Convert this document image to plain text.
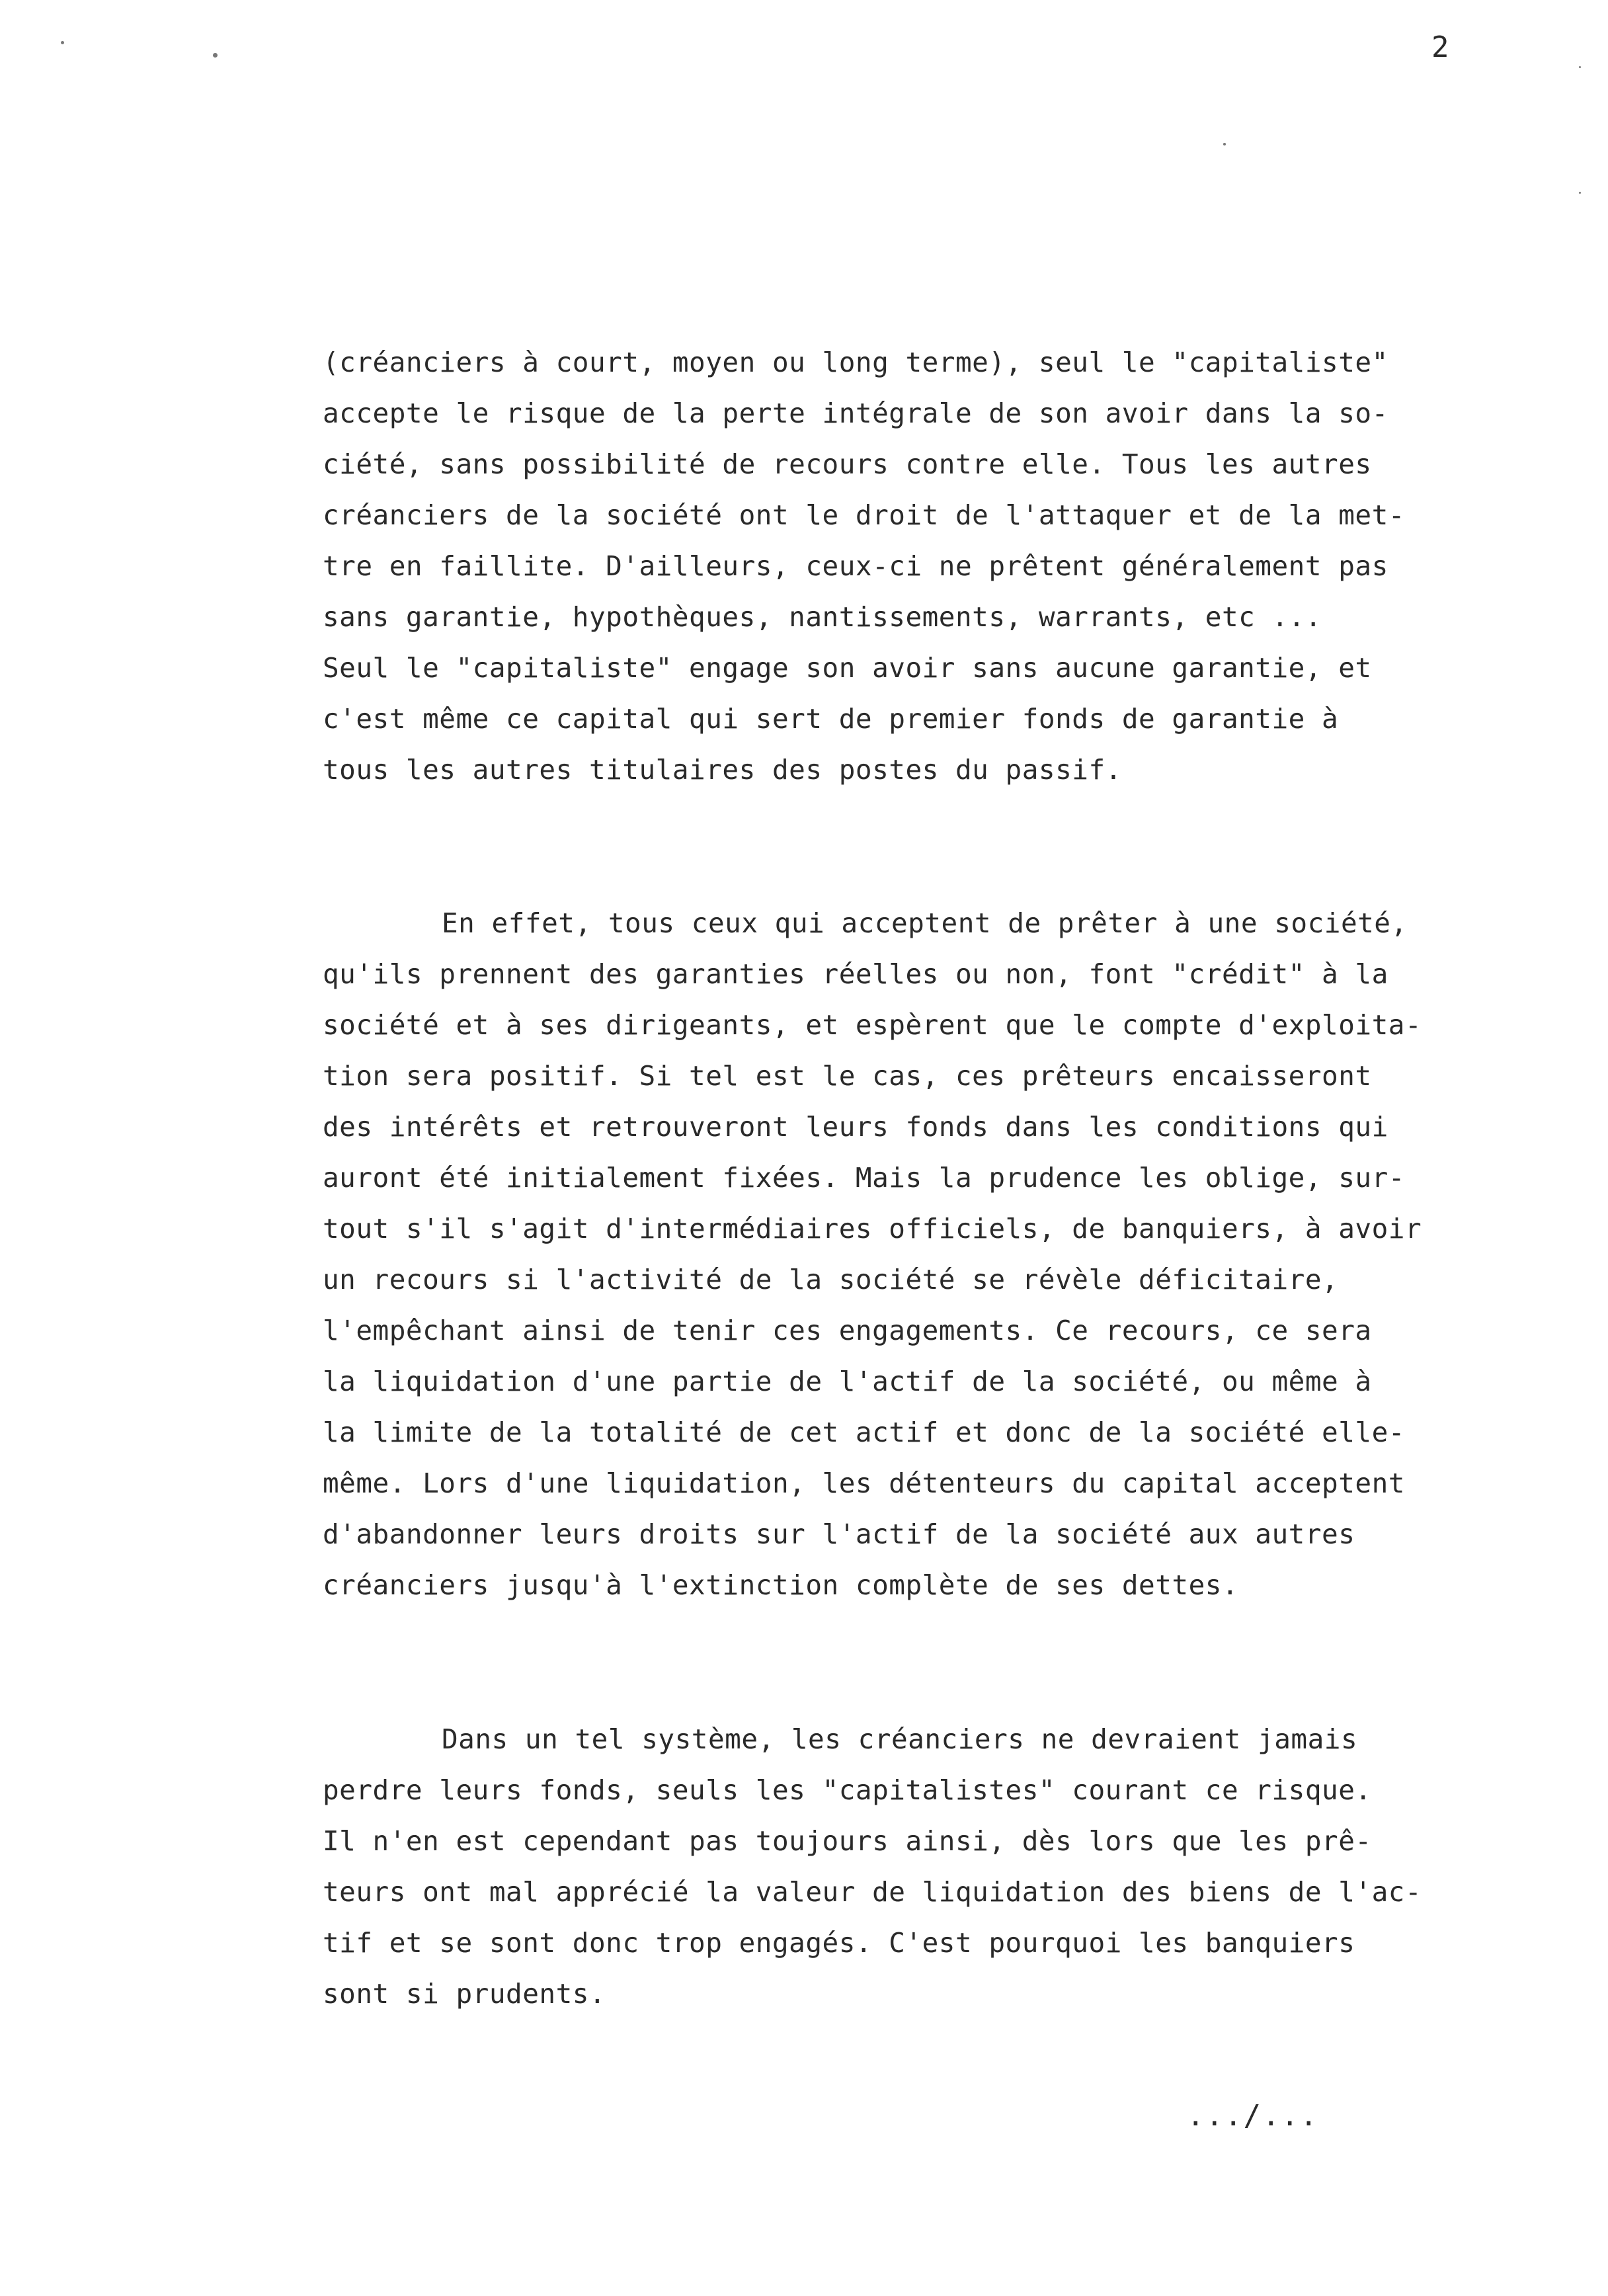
2
(créanciers à court, moyen ou long terme), seul le "capitaliste"
accepte le risque de la perte intégrale de son avoir dans la so-
ciété, sans possibilité de recours contre elle. Tous les autres
créanciers de la société ont le droit de l'attaquer et de la met-
tre en faillite. D'ailleurs, ceux-ci ne prêtent généralement pas
sans garantie, hypothèques, nantissements, warrants, etc ...
Seul le "capitaliste" engage son avoir sans aucune garantie, et
c'est même ce capital qui sert de premier fonds de garantie à
tous les autres titulaires des postes du passif.
En effet, tous ceux qui acceptent de prêter à une société,
qu'ils prennent des garanties réelles ou non, font "crédit" à la
société et à ses dirigeants, et espèrent que le compte d'exploita-
tion sera positif. Si tel est le cas, ces prêteurs encaisseront
des intérêts et retrouveront leurs fonds dans les conditions qui
auront été initialement fixées. Mais la prudence les oblige, sur-
tout s'il s'agit d'intermédiaires officiels, de banquiers, à avoir
un recours si l'activité de la société se révèle déficitaire,
l'empêchant ainsi de tenir ces engagements. Ce recours, ce sera
la liquidation d'une partie de l'actif de la société, ou même à
la limite de la totalité de cet actif et donc de la société elle-
même. Lors d'une liquidation, les détenteurs du capital acceptent
d'abandonner leurs droits sur l'actif de la société aux autres
créanciers jusqu'à l'extinction complète de ses dettes.
Dans un tel système, les créanciers ne devraient jamais
perdre leurs fonds, seuls les "capitalistes" courant ce risque.
Il n'en est cependant pas toujours ainsi, dès lors que les prê-
teurs ont mal apprécié la valeur de liquidation des biens de l'ac-
tif et se sont donc trop engagés. C'est pourquoi les banquiers
sont si prudents.
.../...
